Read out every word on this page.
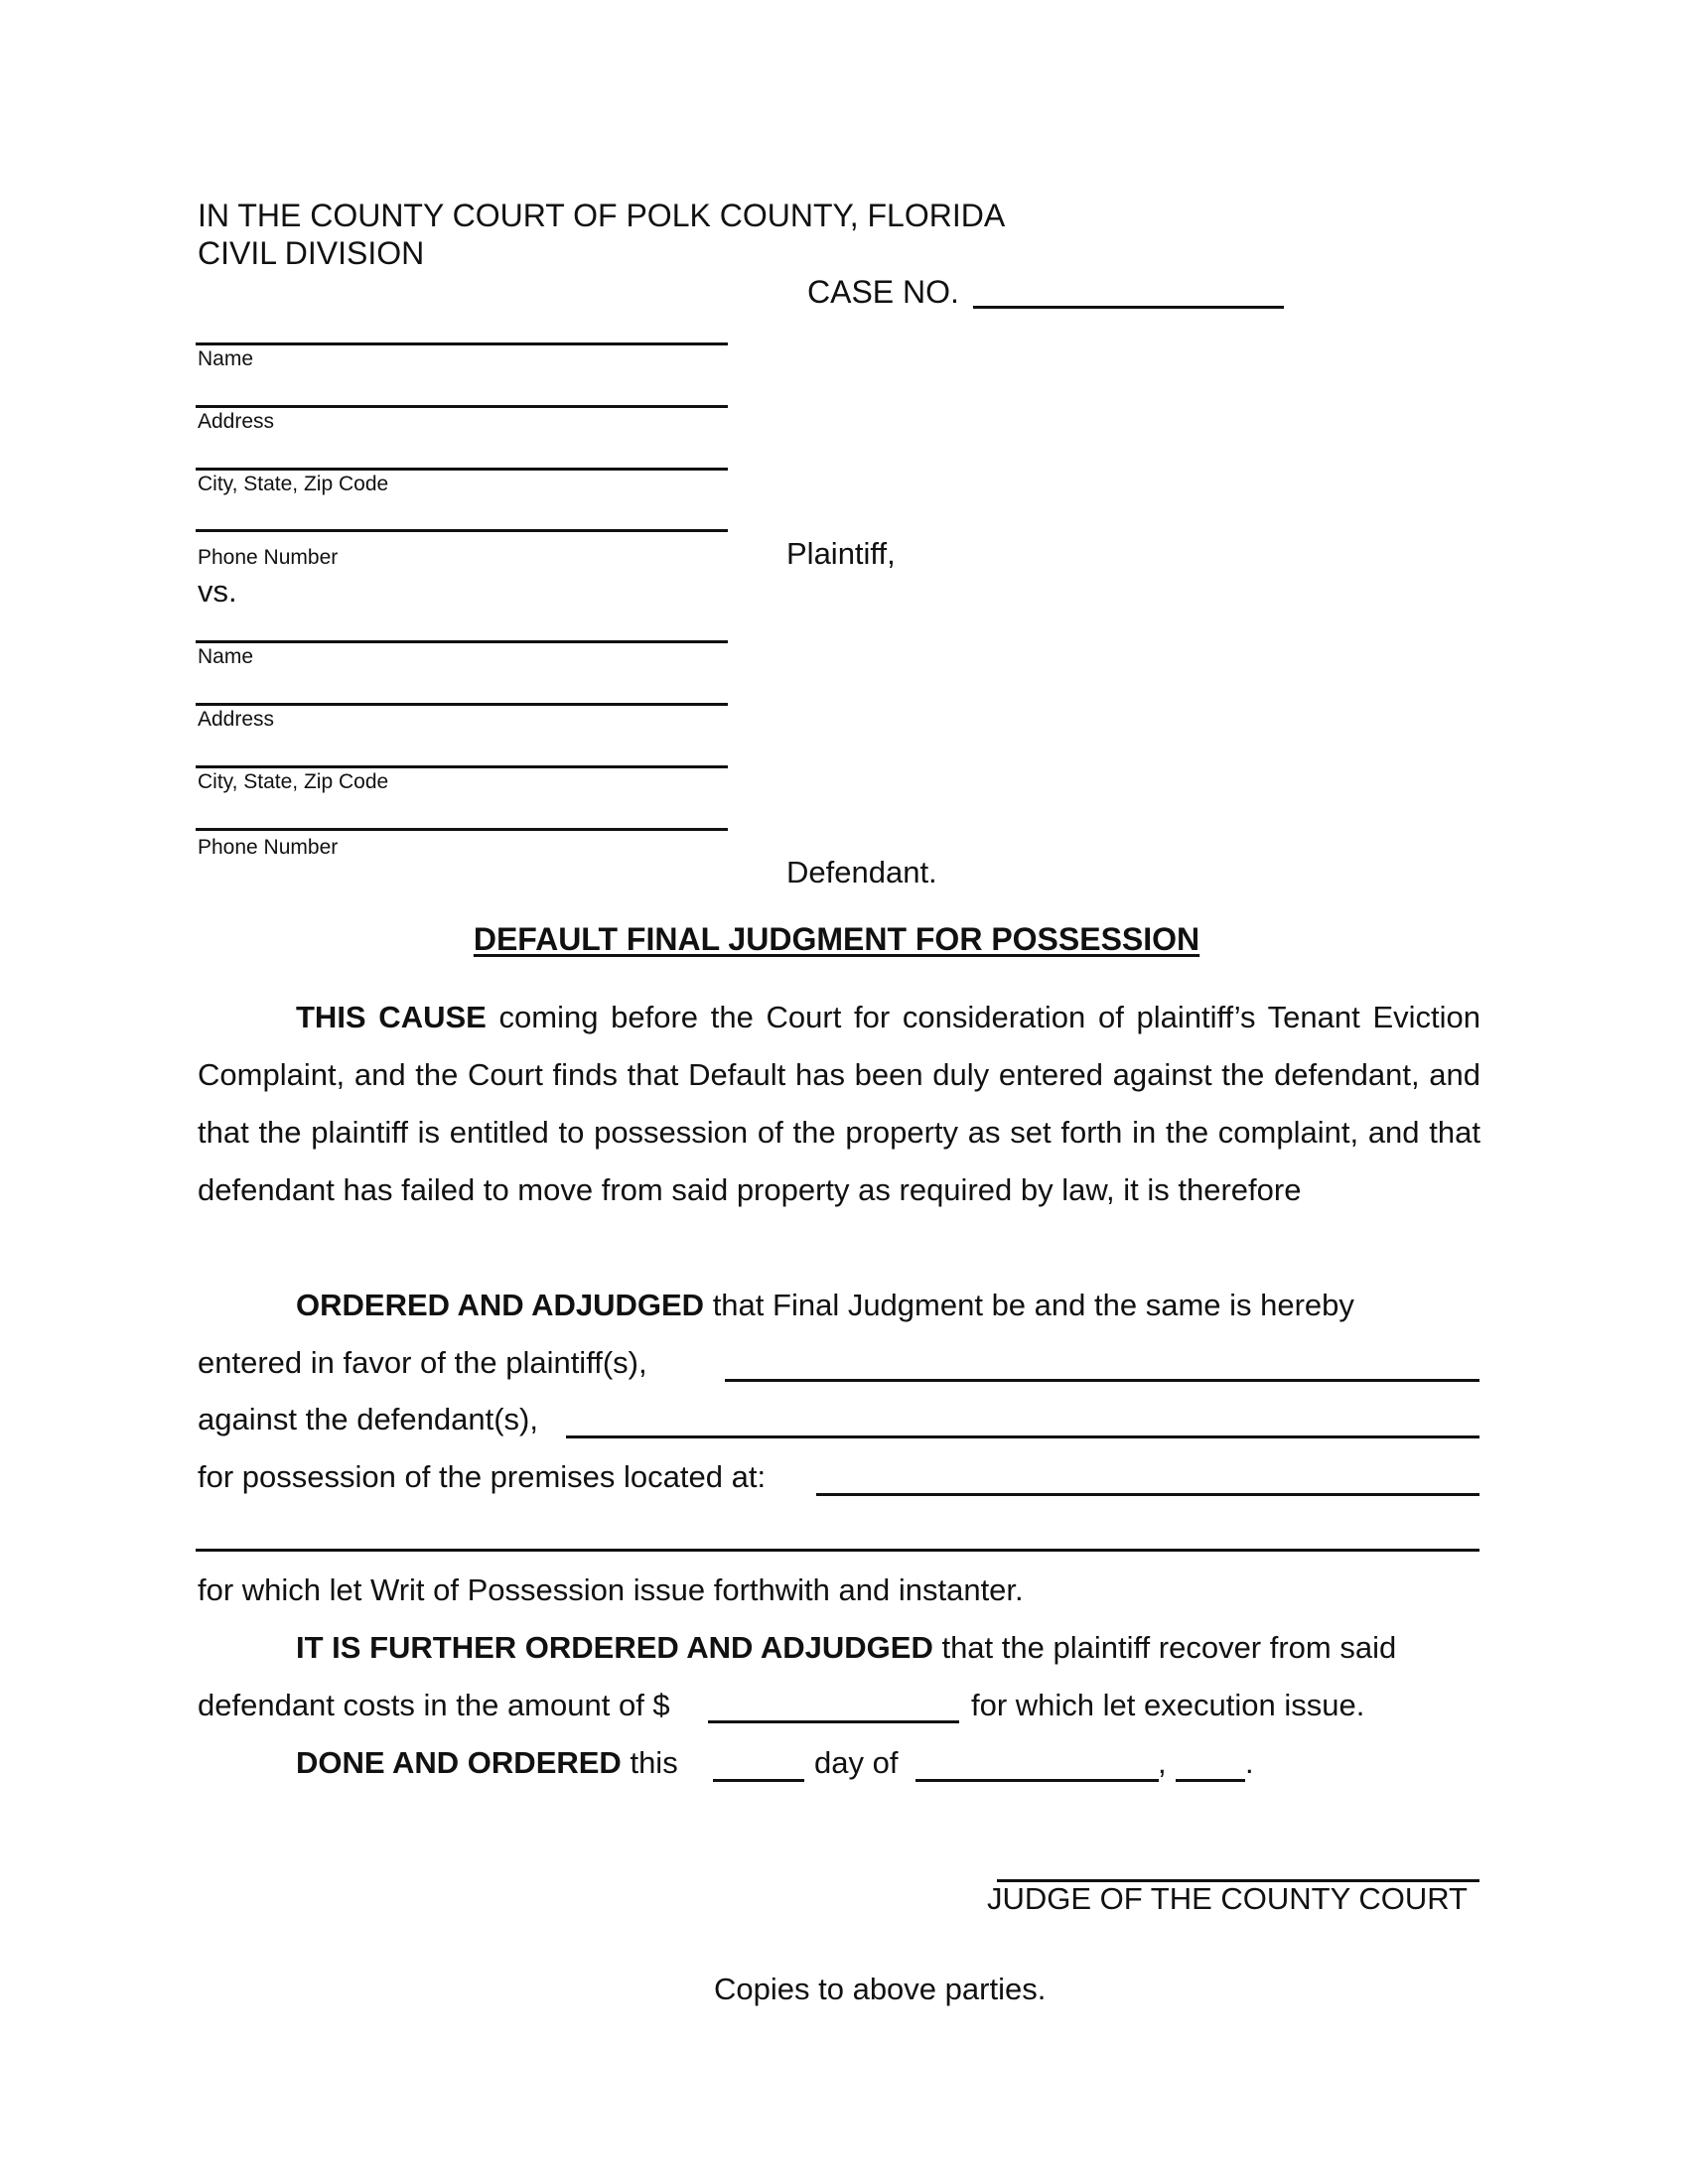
IN THE COUNTY COURT OF POLK COUNTY, FLORIDA
CIVIL DIVISION
CASE NO.
Name
Address
City, State, Zip Code
Phone Number	Plaintiff,
vs.
Name
Address
City, State, Zip Code
Phone Number
Defendant.
DEFAULT FINAL JUDGMENT FOR POSSESSION
THIS CAUSE coming before the Court for consideration of plaintiff’s Tenant Eviction Complaint, and the Court finds that Default has been duly entered against the defendant, and that the plaintiff is entitled to possession of the property as set forth in the complaint, and that defendant has failed to move from said property as required by law, it is therefore
ORDERED AND ADJUDGED that Final Judgment be and the same is hereby
entered in favor of the plaintiff(s),
against the defendant(s),
for possession of the premises located at:
for which let Writ of Possession issue forthwith and instanter.
IT IS FURTHER ORDERED AND ADJUDGED that the plaintiff recover from said
defendant costs in the amount of $	for which let execution issue.
DONE AND ORDERED this	day of	,	.
JUDGE OF THE COUNTY COURT
Copies to above parties.
